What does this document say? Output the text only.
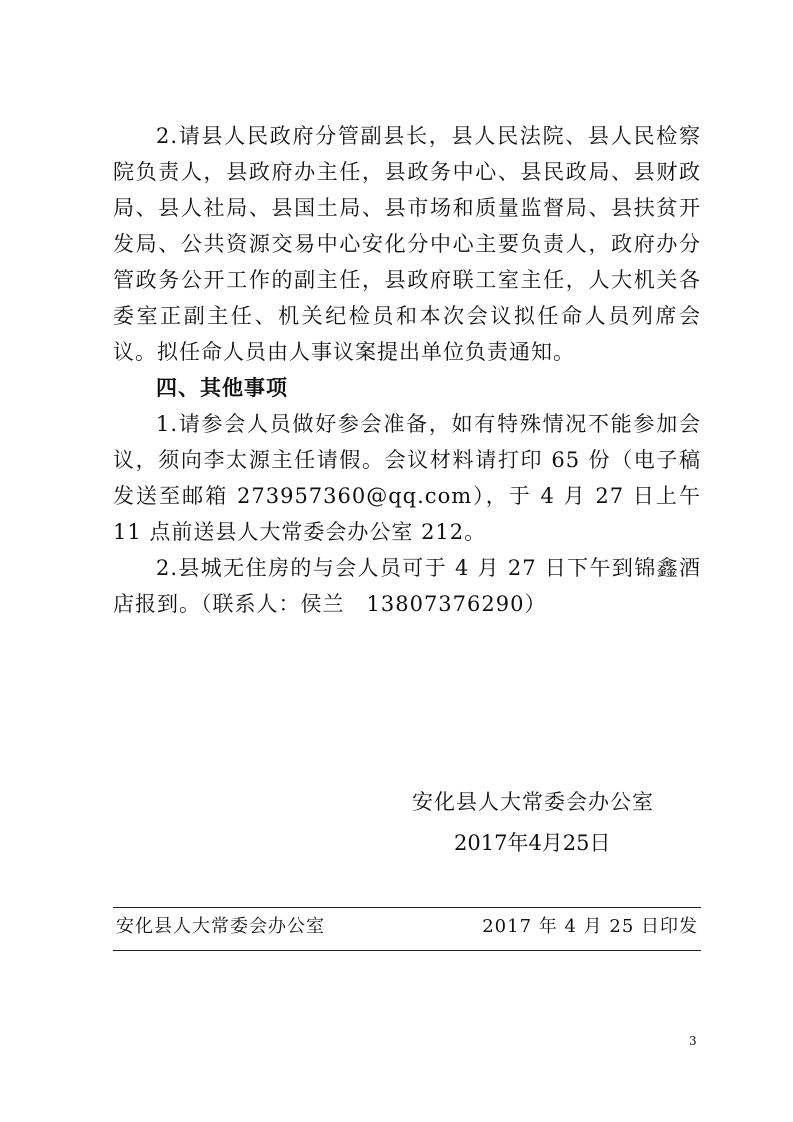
2.请县人民政府分管副县长，县人民法院、县人民检察院负责人，县政府办主任，县政务中心、县民政局、县财政局、县人社局、县国土局、县市场和质量监督局、县扶贫开发局、公共资源交易中心安化分中心主要负责人，政府办分管政务公开工作的副主任，县政府联工室主任，人大机关各委室正副主任、机关纪检员和本次会议拟任命人员列席会议。拟任命人员由人事议案提出单位负责通知。

四、其他事项

1.请参会人员做好参会准备，如有特殊情况不能参加会议，须向李太源主任请假。会议材料请打印 65 份（电子稿发送至邮箱 273957360@qq.com），于 4 月 27 日上午 11 点前送县人大常委会办公室 212。

2.县城无住房的与会人员可于 4 月 27 日下午到锦鑫酒店报到。（联系人：侯兰　13807376290）

安化县人大常委会办公室
2017年4月25日
安化县人大常委会办公室	2017 年 4 月 25 日印发
3
